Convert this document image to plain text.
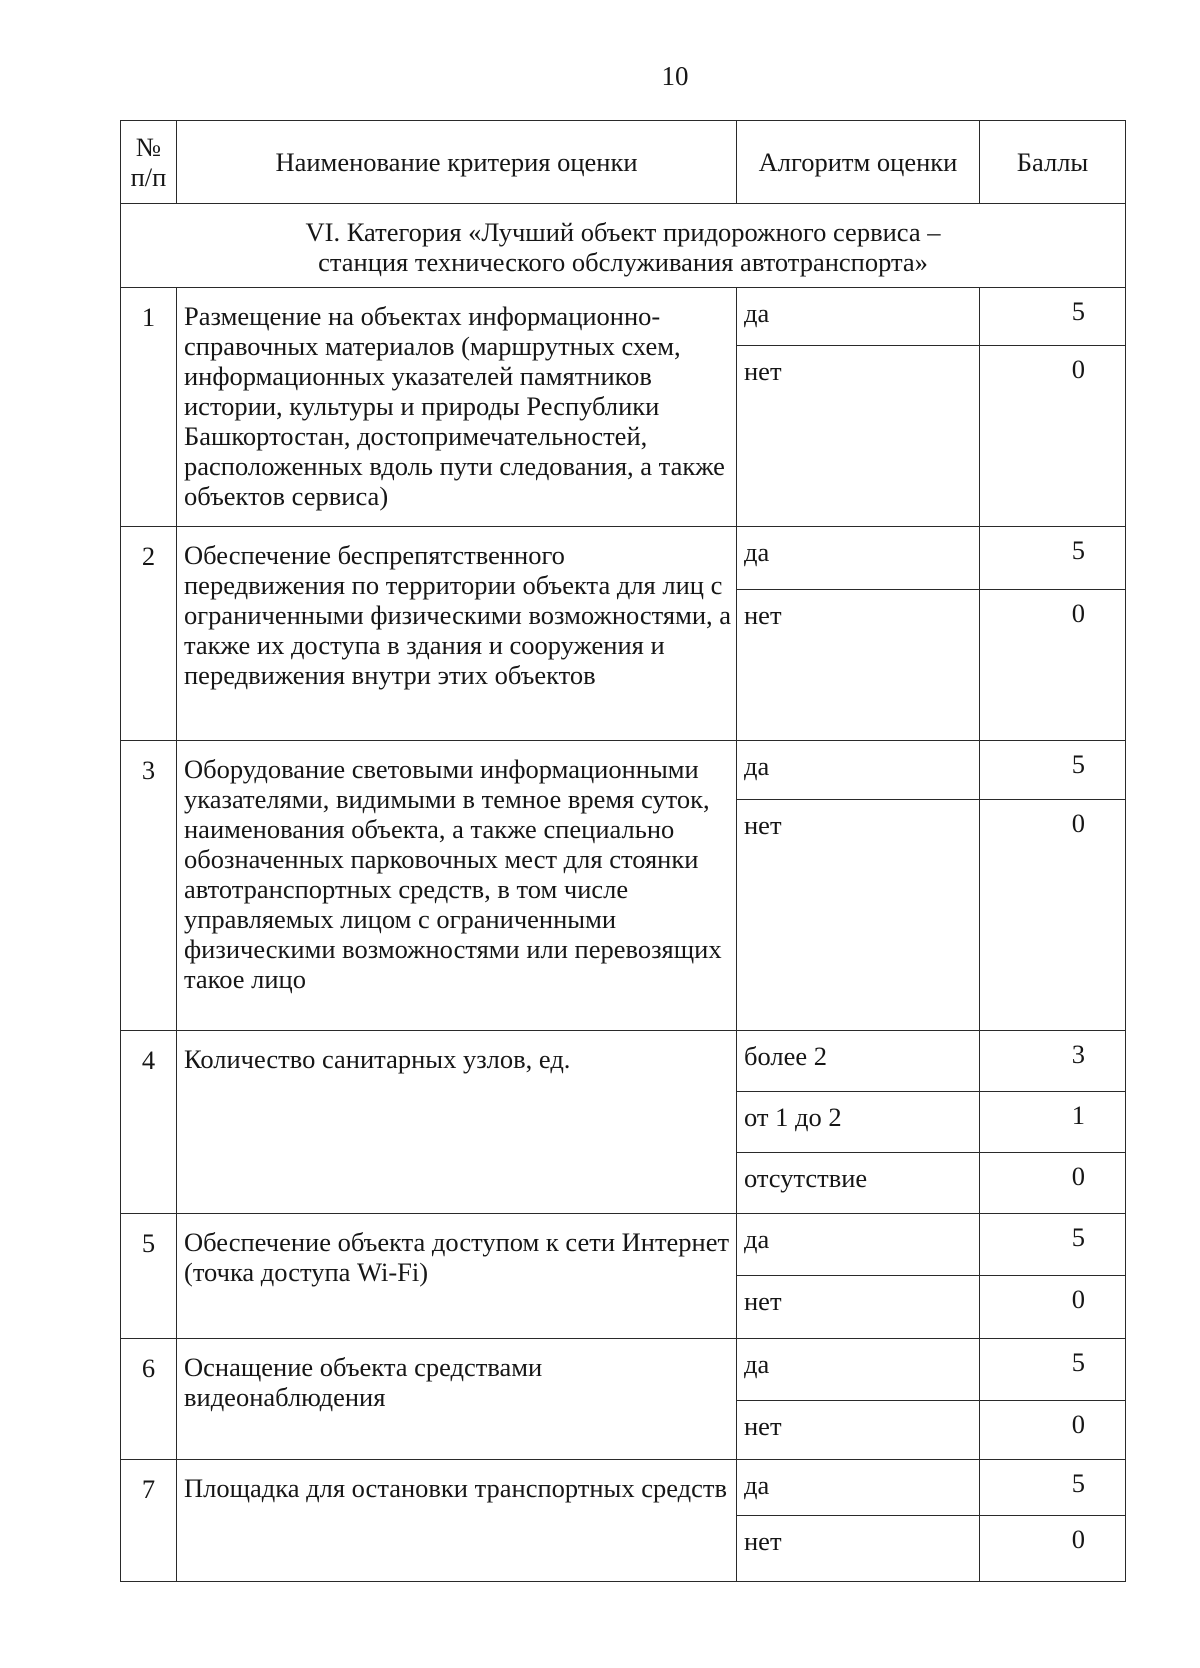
10
№ п/п	Наименование критерия оценки	Алгоритм оценки	Баллы

VI. Категория «Лучший объект придорожного сервиса –
станция технического обслуживания автотранспорта»			

1	Размещение на объектах информационно-справочных материалов (маршрутных схем, информационных указателей памятников истории, культуры и природы Республики Башкортостан, достопримечательностей, расположенных вдоль пути следования, а также объектов сервиса)	да	5
		нет	0
2	Обеспечение беспрепятственного передвижения по территории объекта для лиц с ограниченными физическими возможностями, а также их доступа в здания и сооружения и передвижения внутри этих объектов	да	5
		нет	0
3	Оборудование световыми информационными указателями, видимыми в темное время суток, наименования объекта, а также специально обозначенных парковочных мест для стоянки автотранспортных средств, в том числе управляемых лицом с ограниченными физическими возможностями или перевозящих такое лицо	да	5
		нет	0
4	Количество санитарных узлов, ед.	более 2	3
		от 1 до 2	1
		отсутствие	0
5	Обеспечение объекта доступом к сети Интернет (точка доступа Wi-Fi)	да	5
		нет	0
6	Оснащение объекта средствами видеонаблюдения	да	5
		нет	0
7	Площадка для остановки транспортных средств	да	5
		нет	0
